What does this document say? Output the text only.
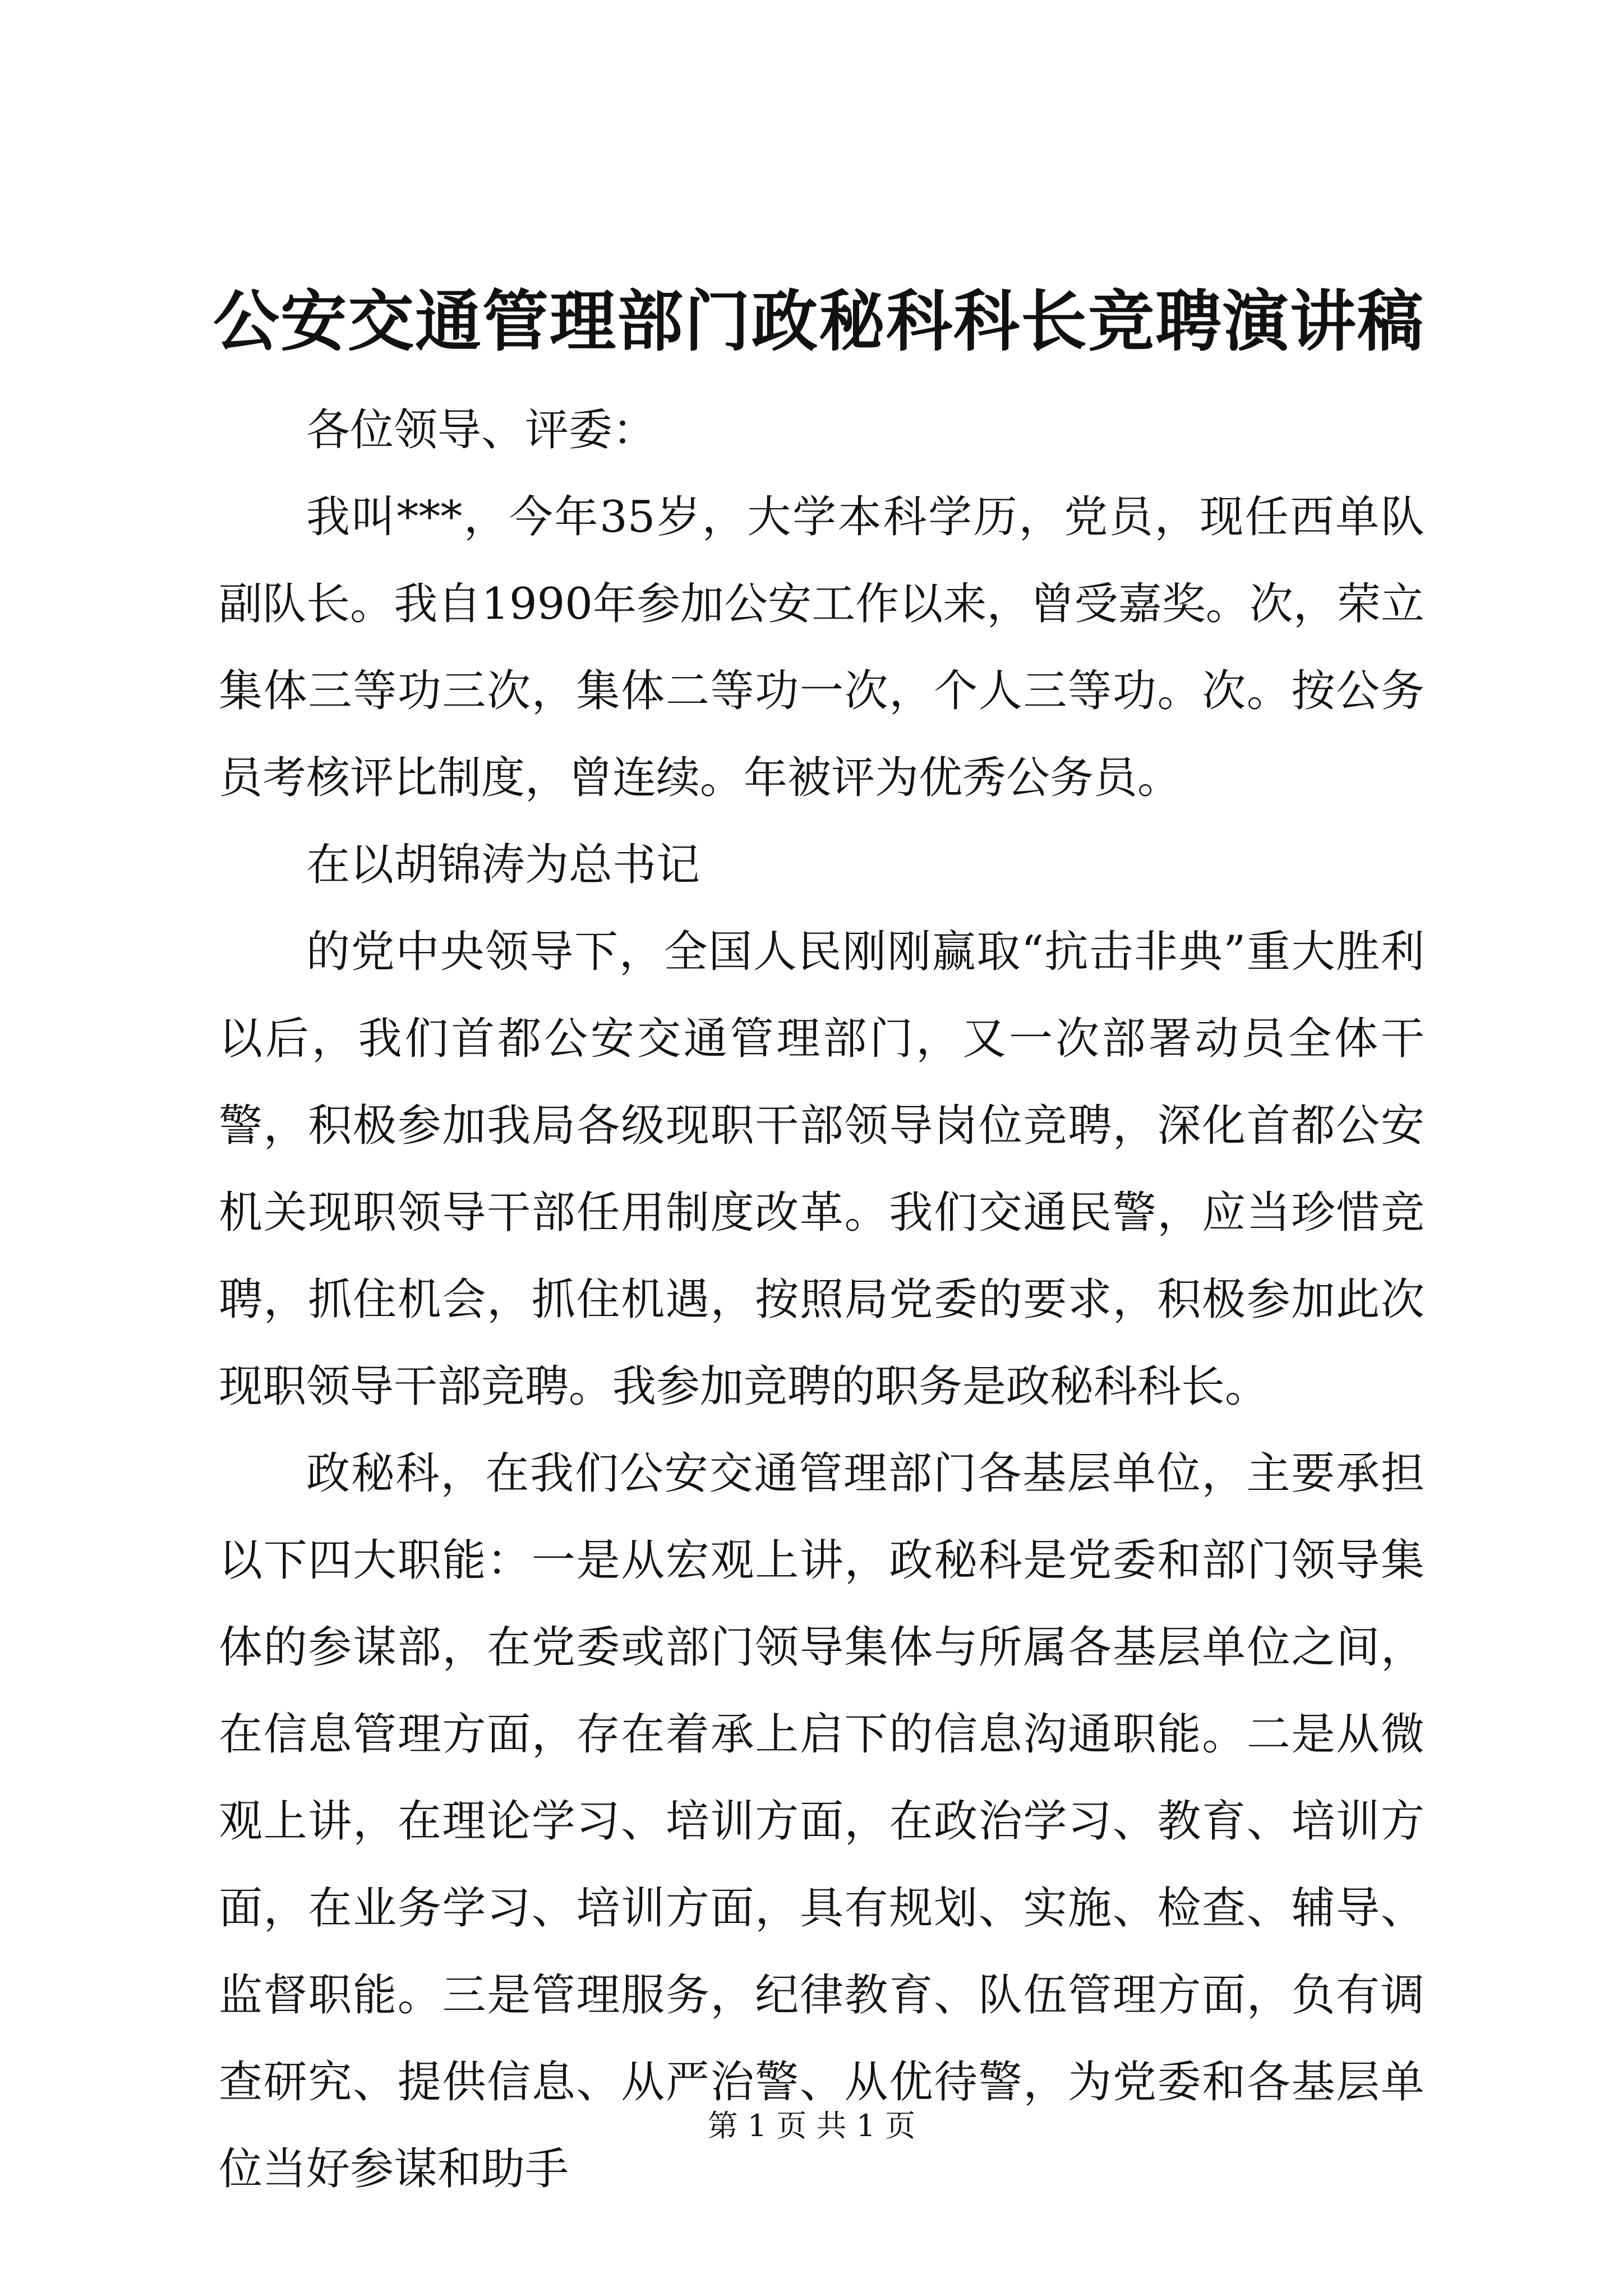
公安交通管理部门政秘科科长竞聘演讲稿

各位领导、评委：

我叫***，今年35岁，大学本科学历，党员，现任西单队副队长。我自1990年参加公安工作以来，曾受嘉奖。次，荣立集体三等功三次，集体二等功一次，个人三等功。次。按公务员考核评比制度，曾连续。年被评为优秀公务员。

在以胡锦涛为总书记

的党中央领导下，全国人民刚刚赢取“抗击非典”重大胜利以后，我们首都公安交通管理部门，又一次部署动员全体干警，积极参加我局各级现职干部领导岗位竞聘，深化首都公安机关现职领导干部任用制度改革。我们交通民警，应当珍惜竞聘，抓住机会，抓住机遇，按照局党委的要求，积极参加此次现职领导干部竞聘。我参加竞聘的职务是政秘科科长。

政秘科，在我们公安交通管理部门各基层单位，主要承担以下四大职能：一是从宏观上讲，政秘科是党委和部门领导集体的参谋部，在党委或部门领导集体与所属各基层单位之间，在信息管理方面，存在着承上启下的信息沟通职能。二是从微观上讲，在理论学习、培训方面，在政治学习、教育、培训方面，在业务学习、培训方面，具有规划、实施、检查、辅导、监督职能。三是管理服务，纪律教育、队伍管理方面，负有调查研究、提供信息、从严治警、从优待警，为党委和各基层单位当好参谋和助手

第 1 页 共 1 页
